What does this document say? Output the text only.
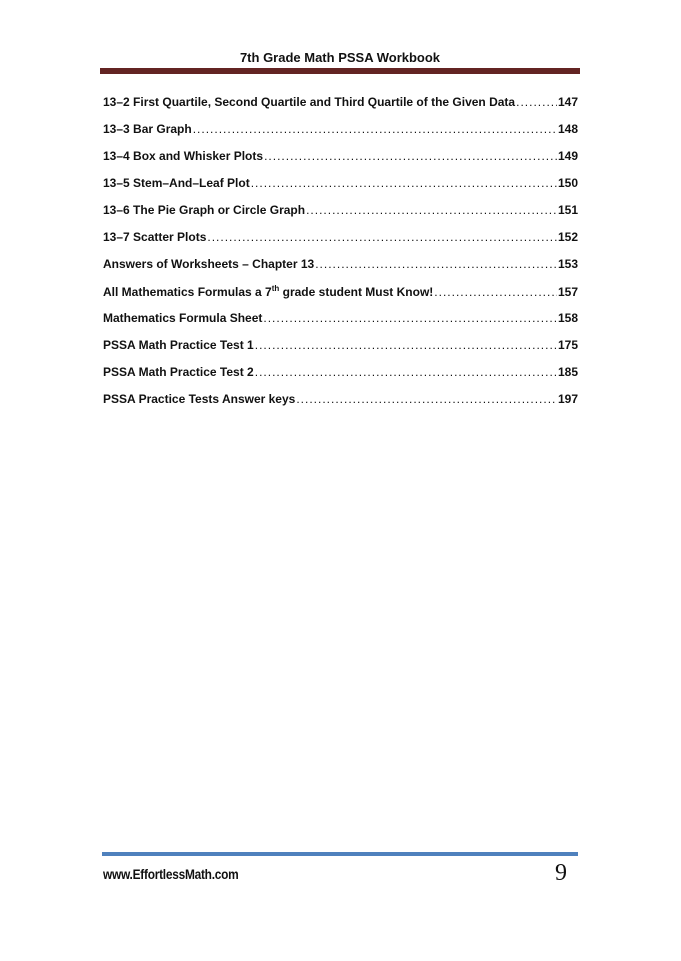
7th Grade Math PSSA Workbook
13–2 First Quartile, Second Quartile and Third Quartile of the Given Data .....	147
13–3 Bar Graph .....	148
13–4 Box and Whisker Plots .....	149
13–5 Stem–And–Leaf Plot .....	150
13–6 The Pie Graph or Circle Graph .....	151
13–7 Scatter Plots .....	152
Answers of Worksheets – Chapter 13 .....	153
All Mathematics Formulas a 7th grade student Must Know! .....	157
Mathematics Formula Sheet .....	158
PSSA Math Practice Test 1 .....	175
PSSA Math Practice Test 2 .....	185
PSSA Practice Tests Answer keys .....	197
www.EffortlessMath.com	9
